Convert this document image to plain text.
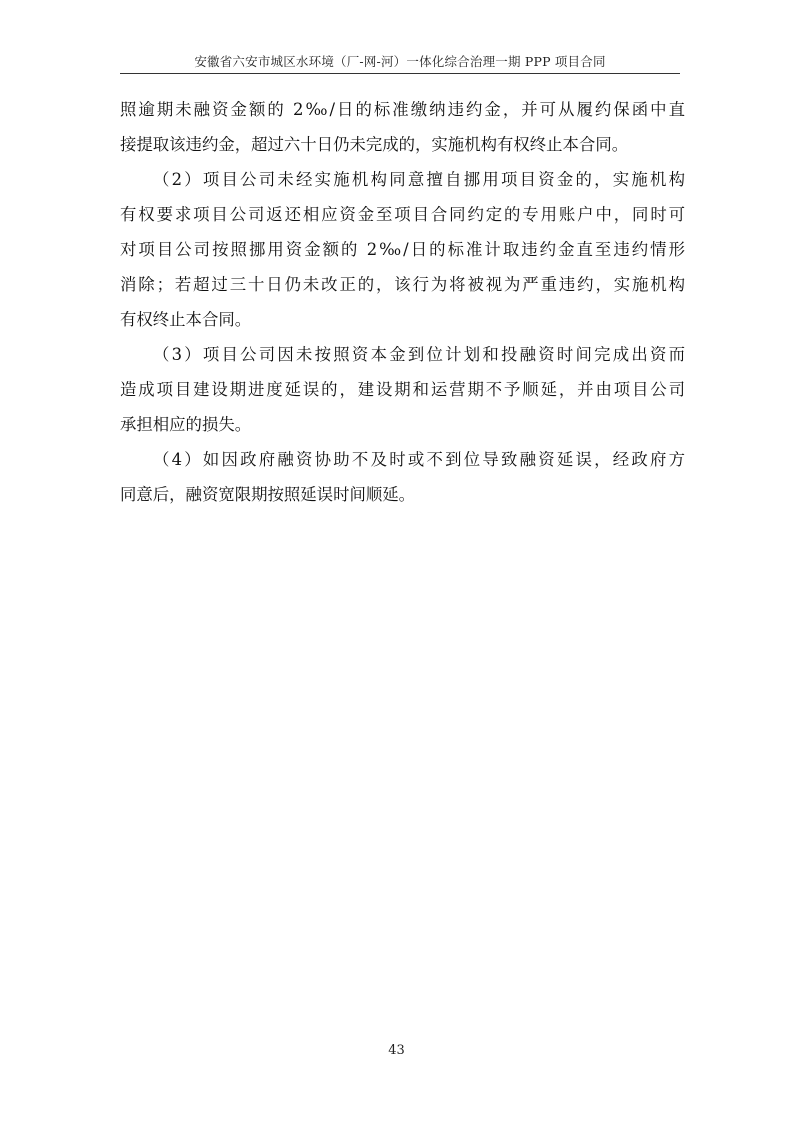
安徽省六安市城区水环境（厂-网-河）一体化综合治理一期 PPP 项目合同
照逾期未融资金额的 2‰/日的标准缴纳违约金，并可从履约保函中直
接提取该违约金，超过六十日仍未完成的，实施机构有权终止本合同。
（2）项目公司未经实施机构同意擅自挪用项目资金的，实施机构
有权要求项目公司返还相应资金至项目合同约定的专用账户中，同时可
对项目公司按照挪用资金额的 2‰/日的标准计取违约金直至违约情形
消除；若超过三十日仍未改正的，该行为将被视为严重违约，实施机构
有权终止本合同。
（3）项目公司因未按照资本金到位计划和投融资时间完成出资而
造成项目建设期进度延误的，建设期和运营期不予顺延，并由项目公司
承担相应的损失。
（4）如因政府融资协助不及时或不到位导致融资延误，经政府方
同意后，融资宽限期按照延误时间顺延。
43
